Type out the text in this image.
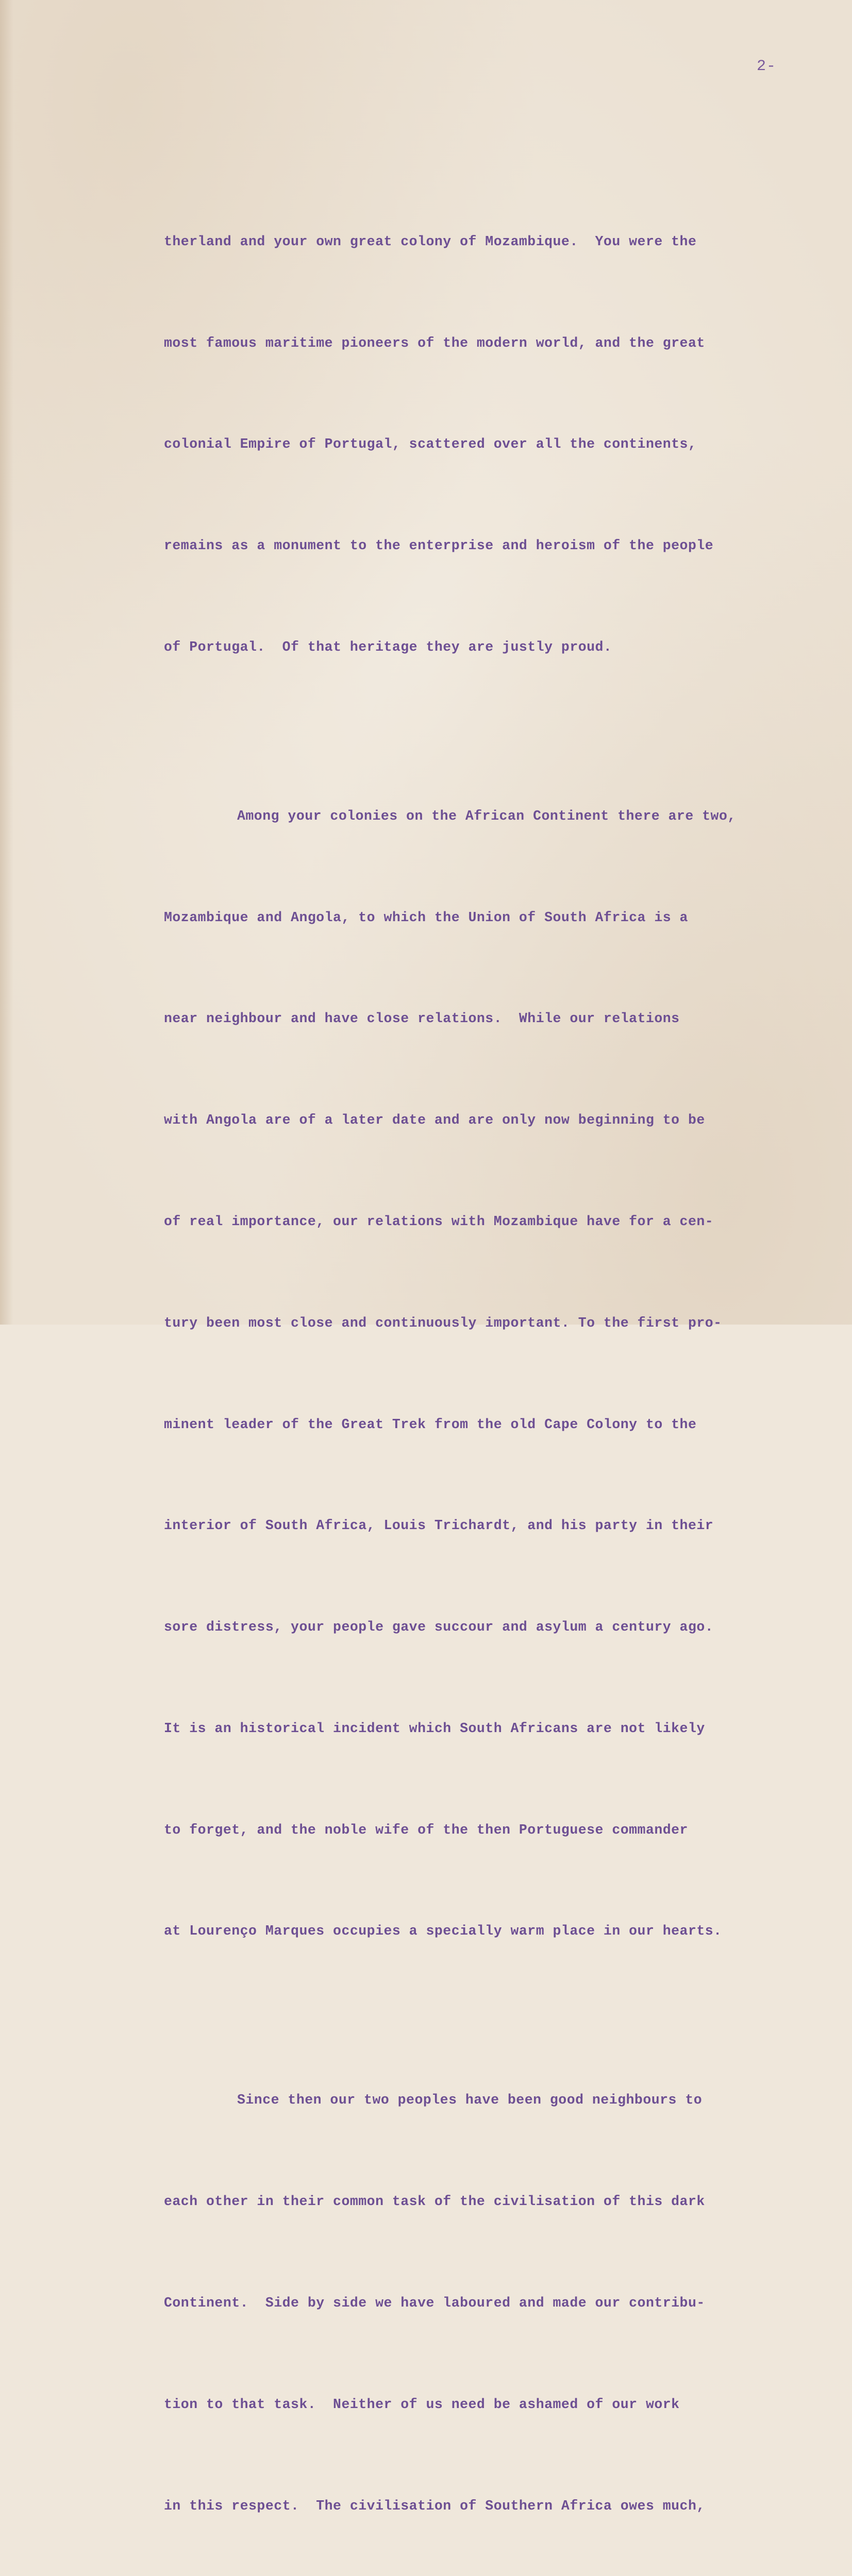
2-

therland and your own great colony of Mozambique.  You were the

most famous maritime pioneers of the modern world, and the great

colonial Empire of Portugal, scattered over all the continents,

remains as a monument to the enterprise and heroism of the people

of Portugal.  Of that heritage they are justly proud.

Among your colonies on the African Continent there are two,

Mozambique and Angola, to which the Union of South Africa is a

near neighbour and have close relations.  While our relations

with Angola are of a later date and are only now beginning to be

of real importance, our relations with Mozambique have for a cen-

tury been most close and continuously important. To the first pro-

minent leader of the Great Trek from the old Cape Colony to the

interior of South Africa, Louis Trichardt, and his party in their

sore distress, your people gave succour and asylum a century ago.

It is an historical incident which South Africans are not likely

to forget, and the noble wife of the then Portuguese commander

at Lourenço Marques occupies a specially warm place in our hearts.

Since then our two peoples have been good neighbours to

each other in their common task of the civilisation of this dark

Continent.  Side by side we have laboured and made our contribu-

tion to that task.  Neither of us need be ashamed of our work

in this respect.  The civilisation of Southern Africa owes much,
